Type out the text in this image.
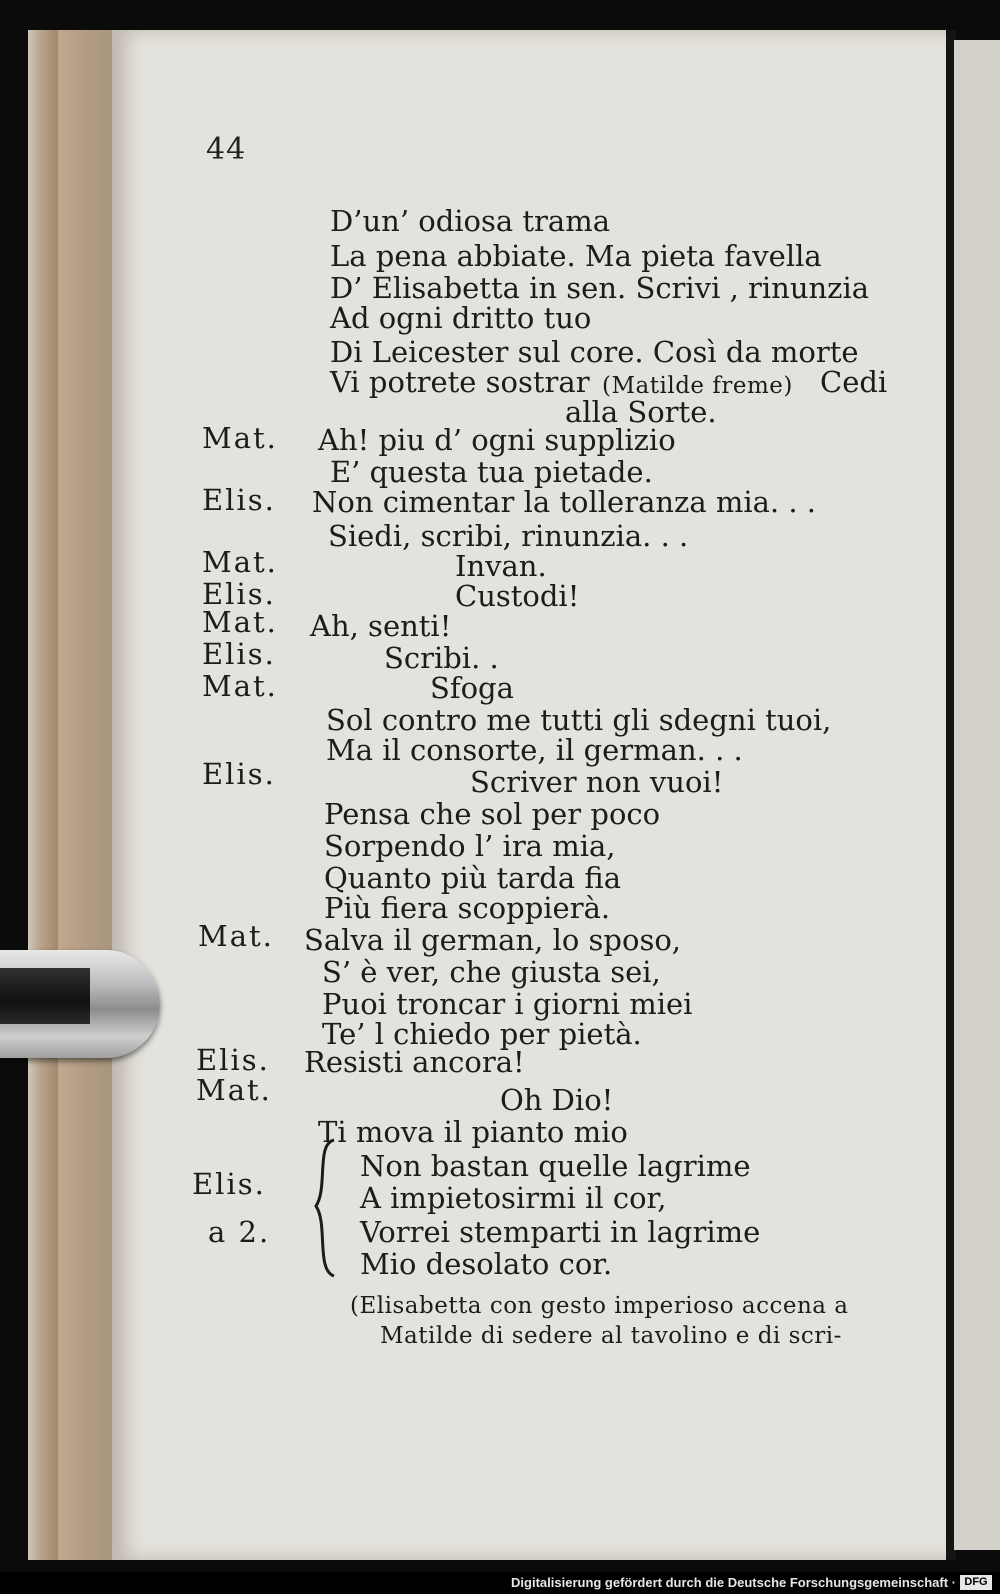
44
D’un’ odiosa trama
La pena abbiate. Ma pieta favella
D’ Elisabetta in sen. Scrivi , rinunzia
Ad ogni dritto tuo
Di Leicester sul core. Così da morte
Vi potrete sostrar (Matilde freme) Cedi
alla Sorte.
Mat. Ah! piu d’ ogni supplizio
E’ questa tua pietade.
Elis. Non cimentar la tolleranza mia. . .
Siedi, scribi, rinunzia. . .
Mat.	Invan.
Elis.	Custodi!
Mat. Ah, senti!
Elis.	Scribi. .
Mat.	Sfoga
Sol contro me tutti gli sdegni tuoi,
Ma il consorte, il german. . .
Elis.	Scriver non vuoi!
Pensa che sol per poco
Sorpendo l’ ira mia,
Quanto più tarda fia
Più fiera scoppierà.
Mat. Salva il german, lo sposo,
S’ è ver, che giusta sei,
Puoi troncar i giorni miei
Te’ l chiedo per pietà.
Elis. Resisti ancora!
Mat.	Oh Dio!
Ti mova il pianto mio
Elis.
Non bastan quelle lagrime
A impietosirmi il cor,
a 2.	Vorrei stemparti in lagrime
Mio desolato cor.
(Elisabetta con gesto imperioso accena a
Matilde di sedere al tavolino e di scri-
Digitalisierung gefördert durch die Deutsche Forschungsgemeinschaft · DFG
